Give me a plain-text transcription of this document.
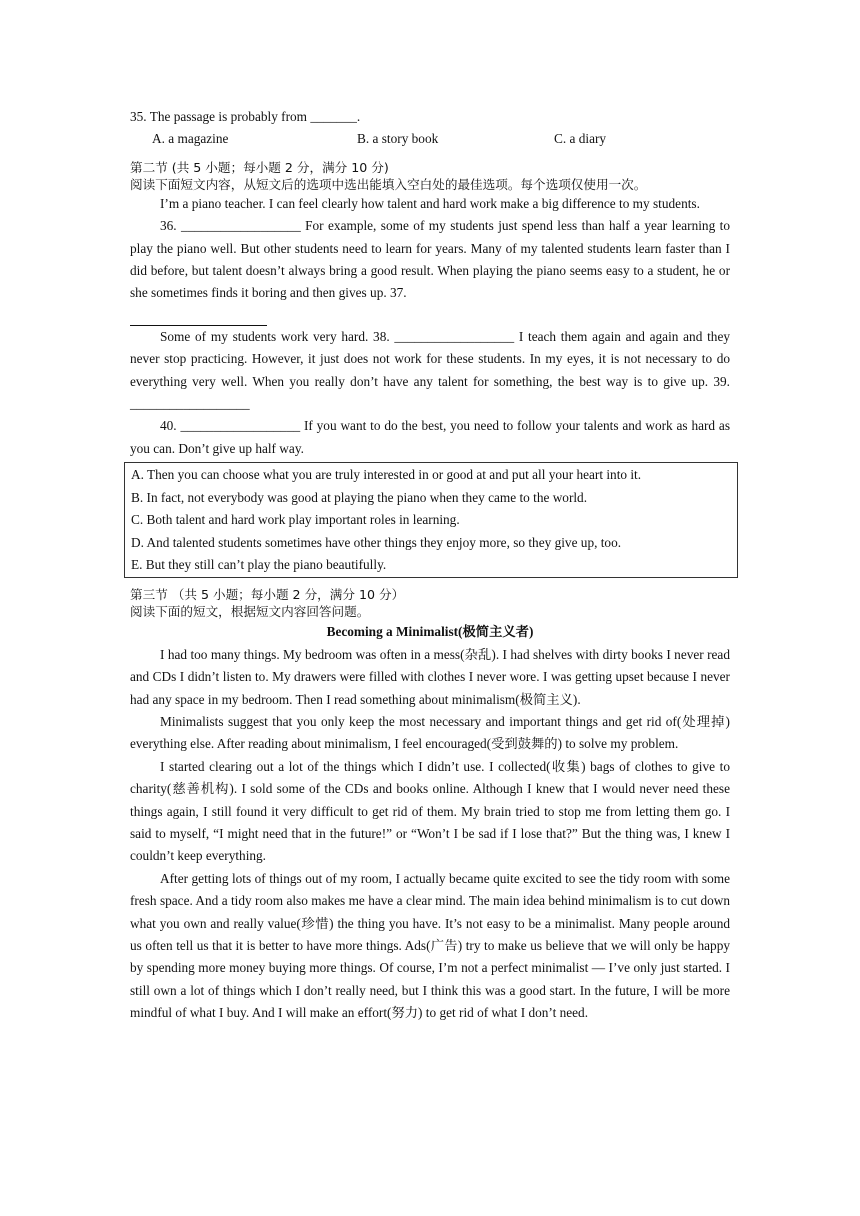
35. The passage is probably from _______.

A. a magazine	B. a story book	C. a diary

第二节 (共 5 小题；每小题 2 分，满分 10 分)

阅读下面短文内容，从短文后的选项中选出能填入空白处的最佳选项。每个选项仅使用一次。

I’m a piano teacher. I can feel clearly how talent and hard work make a big difference to my students.

36. __________________ For example, some of my students just spend less than half a year learning to play the piano well. But other students need to learn for years. Many of my talented students learn faster than I did before, but talent doesn’t always bring a good result. When playing the piano seems easy to a student, he or she sometimes finds it boring and then gives up. 37.

Some of my students work very hard. 38. __________________ I teach them again and again and they never stop practicing. However, it just does not work for these students. In my eyes, it is not necessary to do everything very well. When you really don’t have any talent for something, the best way is to give up. 39. __________________

40. __________________ If you want to do the best, you need to follow your talents and work as hard as you can. Don’t give up half way.

A. Then you can choose what you are truly interested in or good at and put all your heart into it.

B. In fact, not everybody was good at playing the piano when they came to the world.

C. Both talent and hard work play important roles in learning.

D. And talented students sometimes have other things they enjoy more, so they give up, too.

E. But they still can’t play the piano beautifully.

第三节 （共 5 小题；每小题 2 分，满分 10 分）

阅读下面的短文，根据短文内容回答问题。

Becoming a Minimalist(极简主义者)

I had too many things. My bedroom was often in a mess(杂乱). I had shelves with dirty books I never read and CDs I didn’t listen to. My drawers were filled with clothes I never wore. I was getting upset because I never had any space in my bedroom. Then I read something about minimalism(极简主义).

Minimalists suggest that you only keep the most necessary and important things and get rid of(处理掉) everything else. After reading about minimalism, I feel encouraged(受到鼓舞的) to solve my problem.

I started clearing out a lot of the things which I didn’t use. I collected(收集) bags of clothes to give to charity(慈善机构). I sold some of the CDs and books online. Although I knew that I would never need these things again, I still found it very difficult to get rid of them. My brain tried to stop me from letting them go. I said to myself, “I might need that in the future!” or “Won’t I be sad if I lose that?” But the thing was, I knew I couldn’t keep everything.

After getting lots of things out of my room, I actually became quite excited to see the tidy room with some fresh space. And a tidy room also makes me have a clear mind. The main idea behind minimalism is to cut down what you own and really value(珍惜) the thing you have. It’s not easy to be a minimalist. Many people around us often tell us that it is better to have more things. Ads(广告) try to make us believe that we will only be happy by spending more money buying more things. Of course, I’m not a perfect minimalist — I’ve only just started. I still own a lot of things which I don’t really need, but I think this was a good start. In the future, I will be more mindful of what I buy. And I will make an effort(努力) to get rid of what I don’t need.
